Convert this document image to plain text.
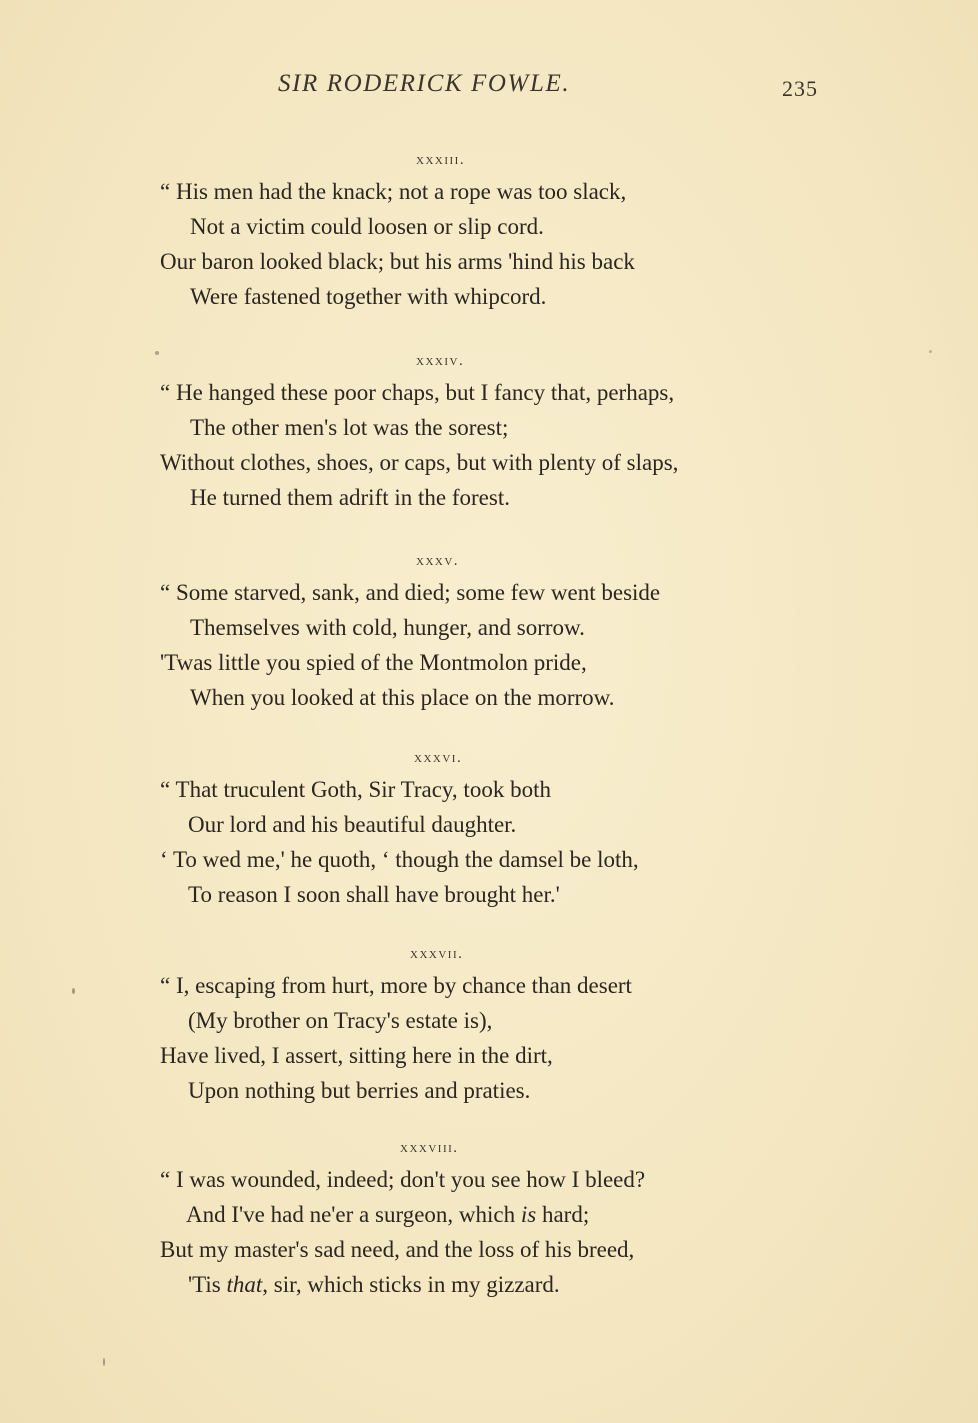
SIR RODERICK FOWLE.	235
xxxiii.
“ His men had the knack; not a rope was too slack,
Not a victim could loosen or slip cord.
Our baron looked black; but his arms 'hind his back
Were fastened together with whipcord.
xxxiv.
“ He hanged these poor chaps, but I fancy that, perhaps,
The other men's lot was the sorest;
Without clothes, shoes, or caps, but with plenty of slaps,
He turned them adrift in the forest.
xxxv.
“ Some starved, sank, and died; some few went beside
Themselves with cold, hunger, and sorrow.
'Twas little you spied of the Montmolon pride,
When you looked at this place on the morrow.
xxxvi.
“ That truculent Goth, Sir Tracy, took both
Our lord and his beautiful daughter.
‘ To wed me,' he quoth, ‘ though the damsel be loth,
To reason I soon shall have brought her.'
xxxvii.
“ I, escaping from hurt, more by chance than desert
(My brother on Tracy's estate is),
Have lived, I assert, sitting here in the dirt,
Upon nothing but berries and praties.
xxxviii.
“ I was wounded, indeed; don't you see how I bleed?
And I've had ne'er a surgeon, which is hard;
But my master's sad need, and the loss of his breed,
'Tis that, sir, which sticks in my gizzard.
